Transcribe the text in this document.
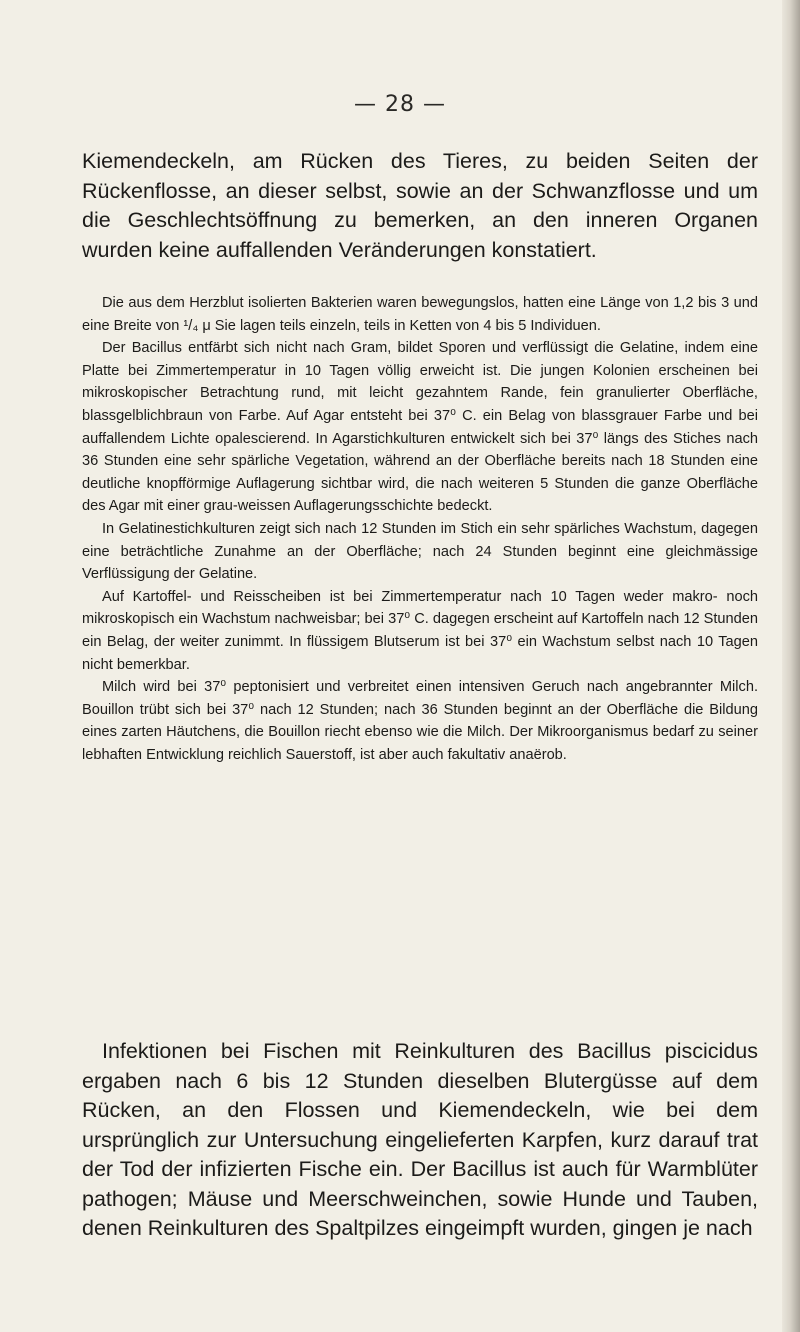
— 28 —

Kiemendeckeln, am Rücken des Tieres, zu beiden Seiten der Rückenflosse, an dieser selbst, sowie an der Schwanzflosse und um die Geschlechtsöffnung zu bemerken, an den inneren Organen wurden keine auffallenden Veränderungen konstatiert.

Die aus dem Herzblut isolierten Bakterien waren bewegungslos, hatten eine Länge von 1,2 bis 3 und eine Breite von ¹/₄ μ Sie lagen teils einzeln, teils in Ketten von 4 bis 5 Individuen.

Der Bacillus entfärbt sich nicht nach Gram, bildet Sporen und verflüssigt die Gelatine, indem eine Platte bei Zimmertemperatur in 10 Tagen völlig erweicht ist. Die jungen Kolonien erscheinen bei mikroskopischer Betrachtung rund, mit leicht gezahntem Rande, fein granulierter Oberfläche, blassgelblichbraun von Farbe. Auf Agar entsteht bei 37⁰ C. ein Belag von blassgrauer Farbe und bei auffallendem Lichte opalescierend. In Agarstichkulturen entwickelt sich bei 37⁰ längs des Stiches nach 36 Stunden eine sehr spärliche Vegetation, während an der Oberfläche bereits nach 18 Stunden eine deutliche knopfförmige Auflagerung sichtbar wird, die nach weiteren 5 Stunden die ganze Oberfläche des Agar mit einer grau-weissen Auflagerungsschichte bedeckt.

In Gelatinestichkulturen zeigt sich nach 12 Stunden im Stich ein sehr spärliches Wachstum, dagegen eine beträchtliche Zunahme an der Oberfläche; nach 24 Stunden beginnt eine gleichmässige Verflüssigung der Gelatine.

Auf Kartoffel- und Reisscheiben ist bei Zimmertemperatur nach 10 Tagen weder makro- noch mikroskopisch ein Wachstum nachweisbar; bei 37⁰ C. dagegen erscheint auf Kartoffeln nach 12 Stunden ein Belag, der weiter zunimmt. In flüssigem Blutserum ist bei 37⁰ ein Wachstum selbst nach 10 Tagen nicht bemerkbar.

Milch wird bei 37⁰ peptonisiert und verbreitet einen intensiven Geruch nach angebrannter Milch. Bouillon trübt sich bei 37⁰ nach 12 Stunden; nach 36 Stunden beginnt an der Oberfläche die Bildung eines zarten Häutchens, die Bouillon riecht ebenso wie die Milch. Der Mikroorganismus bedarf zu seiner lebhaften Entwicklung reichlich Sauerstoff, ist aber auch fakultativ anaërob.

Infektionen bei Fischen mit Reinkulturen des Bacillus piscicidus ergaben nach 6 bis 12 Stunden dieselben Blutergüsse auf dem Rücken, an den Flossen und Kiemendeckeln, wie bei dem ursprünglich zur Untersuchung eingelieferten Karpfen, kurz darauf trat der Tod der infizierten Fische ein. Der Bacillus ist auch für Warmblüter pathogen; Mäuse und Meerschweinchen, sowie Hunde und Tauben, denen Reinkulturen des Spaltpilzes eingeimpft wurden, gingen je nach
